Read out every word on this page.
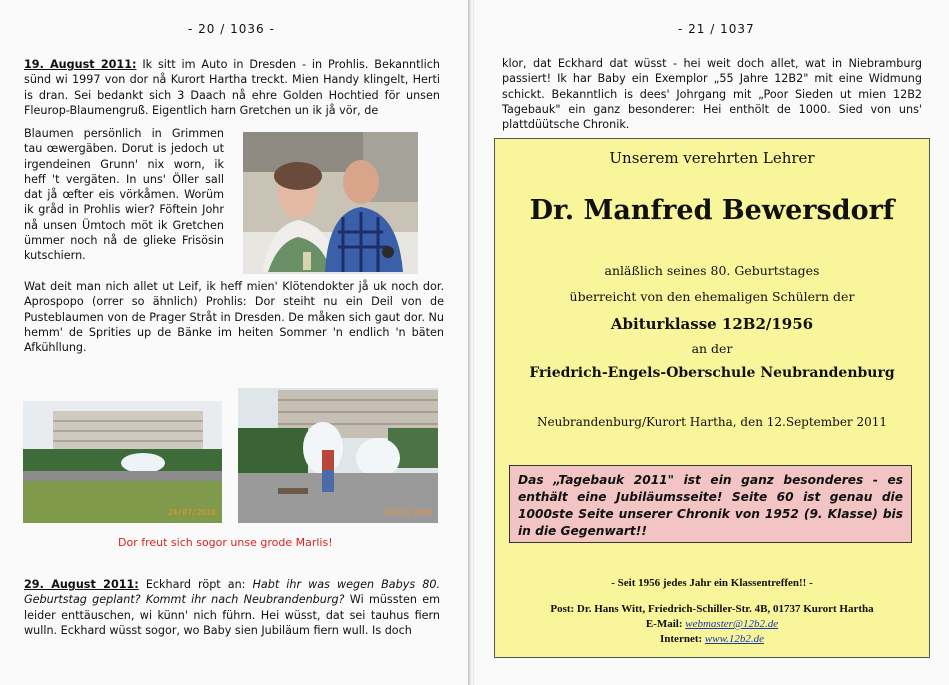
- 20 / 1036 -
19. August 2011: Ik sitt im Auto in Dresden - in Prohlis. Bekanntlich sünd wi 1997 von dor nå Kurort Hartha treckt. Mien Handy klingelt, Herti is dran. Sei bedankt sich 3 Daach nå ehre Golden Hochtied för unsen Fleurop-Blaumengruß. Eigentlich harn Gretchen un ik jå vör, de
Blaumen persönlich in Grimmen tau œwergäben. Dorut is jedoch ut irgendeinen Grunn' nix worn, ik heff 't vergäten. In uns' Öller sall dat jå œfter eis vörkåmen. Worüm ik gråd in Prohlis wier? Föftein Johr nå unsen Ümtoch möt ik Gretchen ümmer noch nå de glieke Frisösin kutschiern.
Wat deit man nich allet ut Leif, ik heff mien' Klötendokter jå uk noch dor. Aprospopo (orrer so ähnlich) Prohlis: Dor steiht nu ein Deil von de Pusteblaumen von de Prager Stråt in Dresden. De måken sich gaut dor. Nu hemm' de Sprities up de Bänke im heiten Sommer 'n endlich 'n bäten Afkühllung.
24/07/2010	24/07/2010
Dor freut sich sogor unse grode Marlis!
29. August 2011: Eckhard röpt an: Habt ihr was wegen Babys 80. Geburtstag geplant? Kommt ihr nach Neubrandenburg? Wi müssten em leider enttäuschen, wi künn' nich führn. Hei wüsst, dat sei tauhus fiern wulln. Eckhard wüsst sogor, wo Baby sien Jubiläum fiern wull. Is doch
- 21 / 1037
klor, dat Eckhard dat wüsst - hei weit doch allet, wat in Niebramburg passiert! Ik har Baby ein Exemplor „55 Jahre 12B2" mit eine Widmung schickt. Bekanntlich is dees' Johrgang mit „Poor Sieden ut mien 12B2 Tagebauk" ein ganz besonderer: Hei enthölt de 1000. Sied von uns' plattdüütsche Chronik.
Unserem verehrten Lehrer
Dr. Manfred Bewersdorf
anläßlich seines 80. Geburtstages
überreicht von den ehemaligen Schülern der
Abiturklasse 12B2/1956
an der
Friedrich-Engels-Oberschule Neubrandenburg
Neubrandenburg/Kurort Hartha, den 12.September 2011

Das „Tagebauk 2011" ist ein ganz besonderes - es enthält eine Jubiläumsseite! Seite 60 ist genau die 1000ste Seite unserer Chronik von 1952 (9. Klasse) bis in die Gegenwart!!

- Seit 1956 jedes Jahr ein Klassentreffen!! -
Post: Dr. Hans Witt, Friedrich-Schiller-Str. 4B, 01737 Kurort Hartha
E-Mail: webmaster@12b2.de
Internet: www.12b2.de
